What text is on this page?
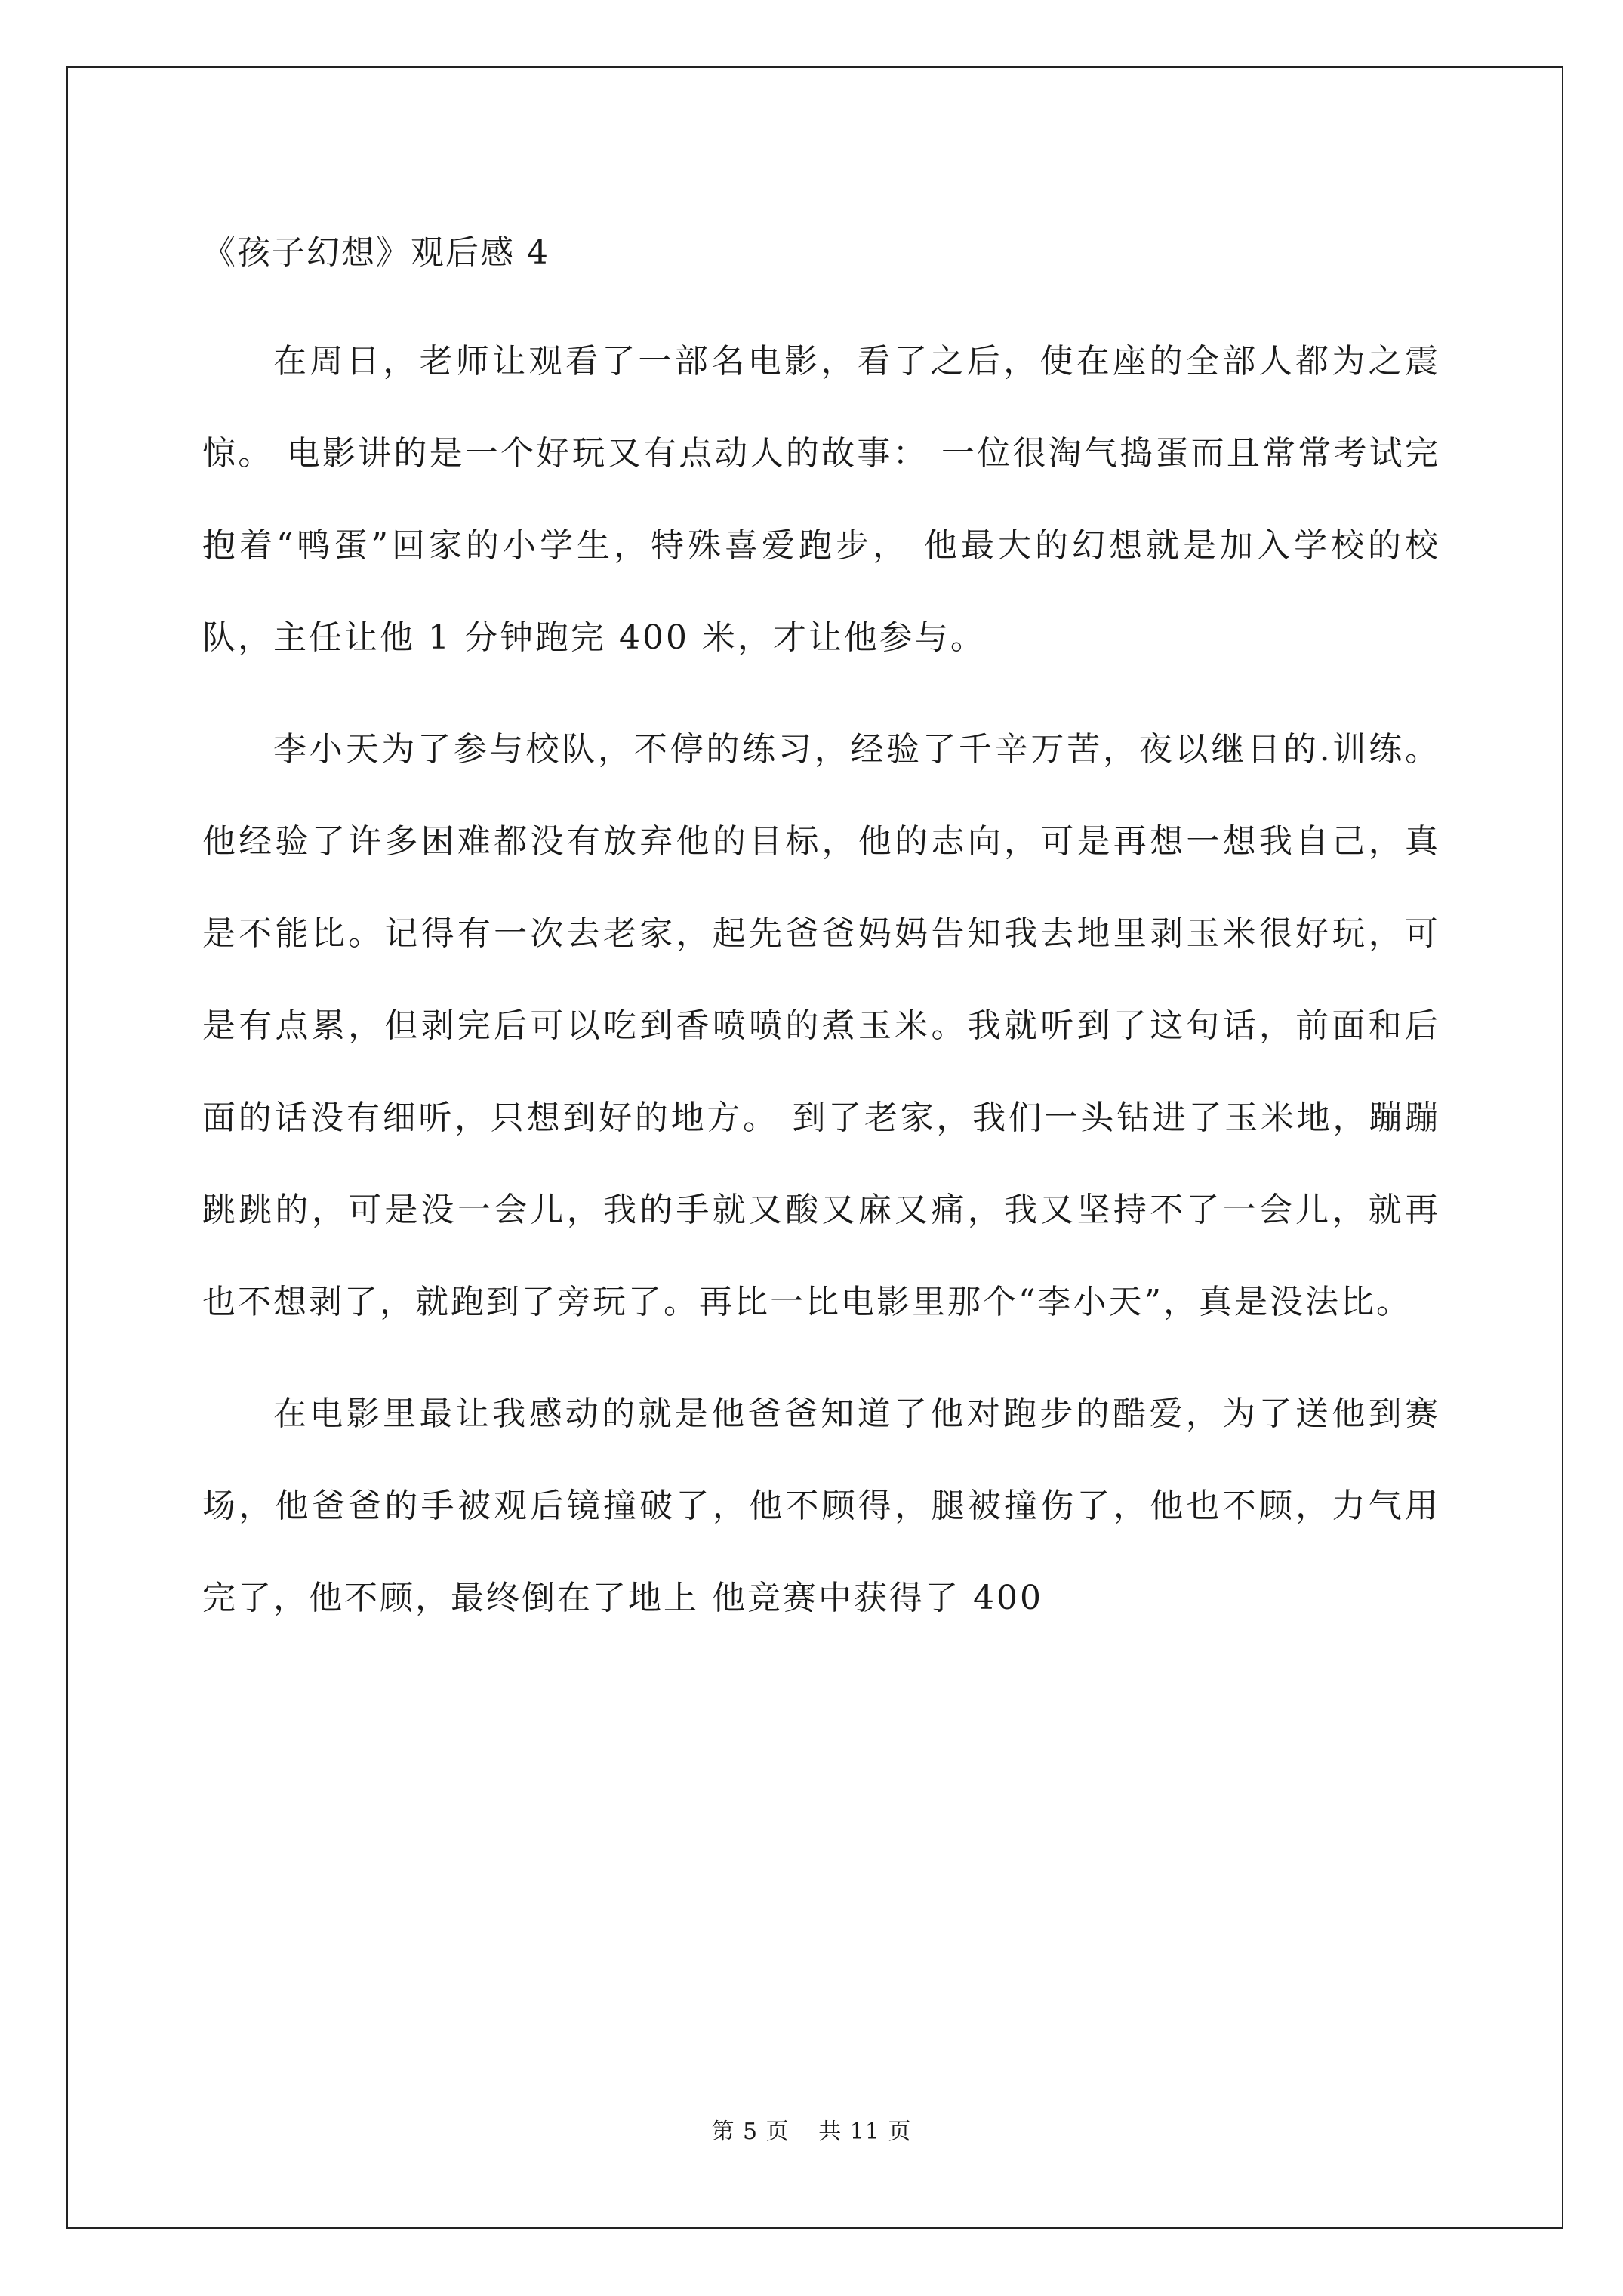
《孩子幻想》观后感 4

在周日，老师让观看了一部名电影，看了之后，使在座的全部人都为之震惊。 电影讲的是一个好玩又有点动人的故事： 一位很淘气捣蛋而且常常考试完抱着“鸭蛋”回家的小学生，特殊喜爱跑步， 他最大的幻想就是加入学校的校队，主任让他 1 分钟跑完 400 米，才让他参与。

李小天为了参与校队，不停的练习，经验了千辛万苦，夜以继日的.训练。他经验了许多困难都没有放弃他的目标，他的志向，可是再想一想我自己，真是不能比。记得有一次去老家，起先爸爸妈妈告知我去地里剥玉米很好玩，可是有点累，但剥完后可以吃到香喷喷的煮玉米。我就听到了这句话，前面和后面的话没有细听，只想到好的地方。 到了老家，我们一头钻进了玉米地，蹦蹦跳跳的，可是没一会儿，我的手就又酸又麻又痛，我又坚持不了一会儿，就再也不想剥了，就跑到了旁玩了。再比一比电影里那个“李小天”，真是没法比。

在电影里最让我感动的就是他爸爸知道了他对跑步的酷爱，为了送他到赛场，他爸爸的手被观后镜撞破了，他不顾得，腿被撞伤了，他也不顾，力气用完了，他不顾，最终倒在了地上 他竞赛中获得了 400

第 5 页 共 11 页
